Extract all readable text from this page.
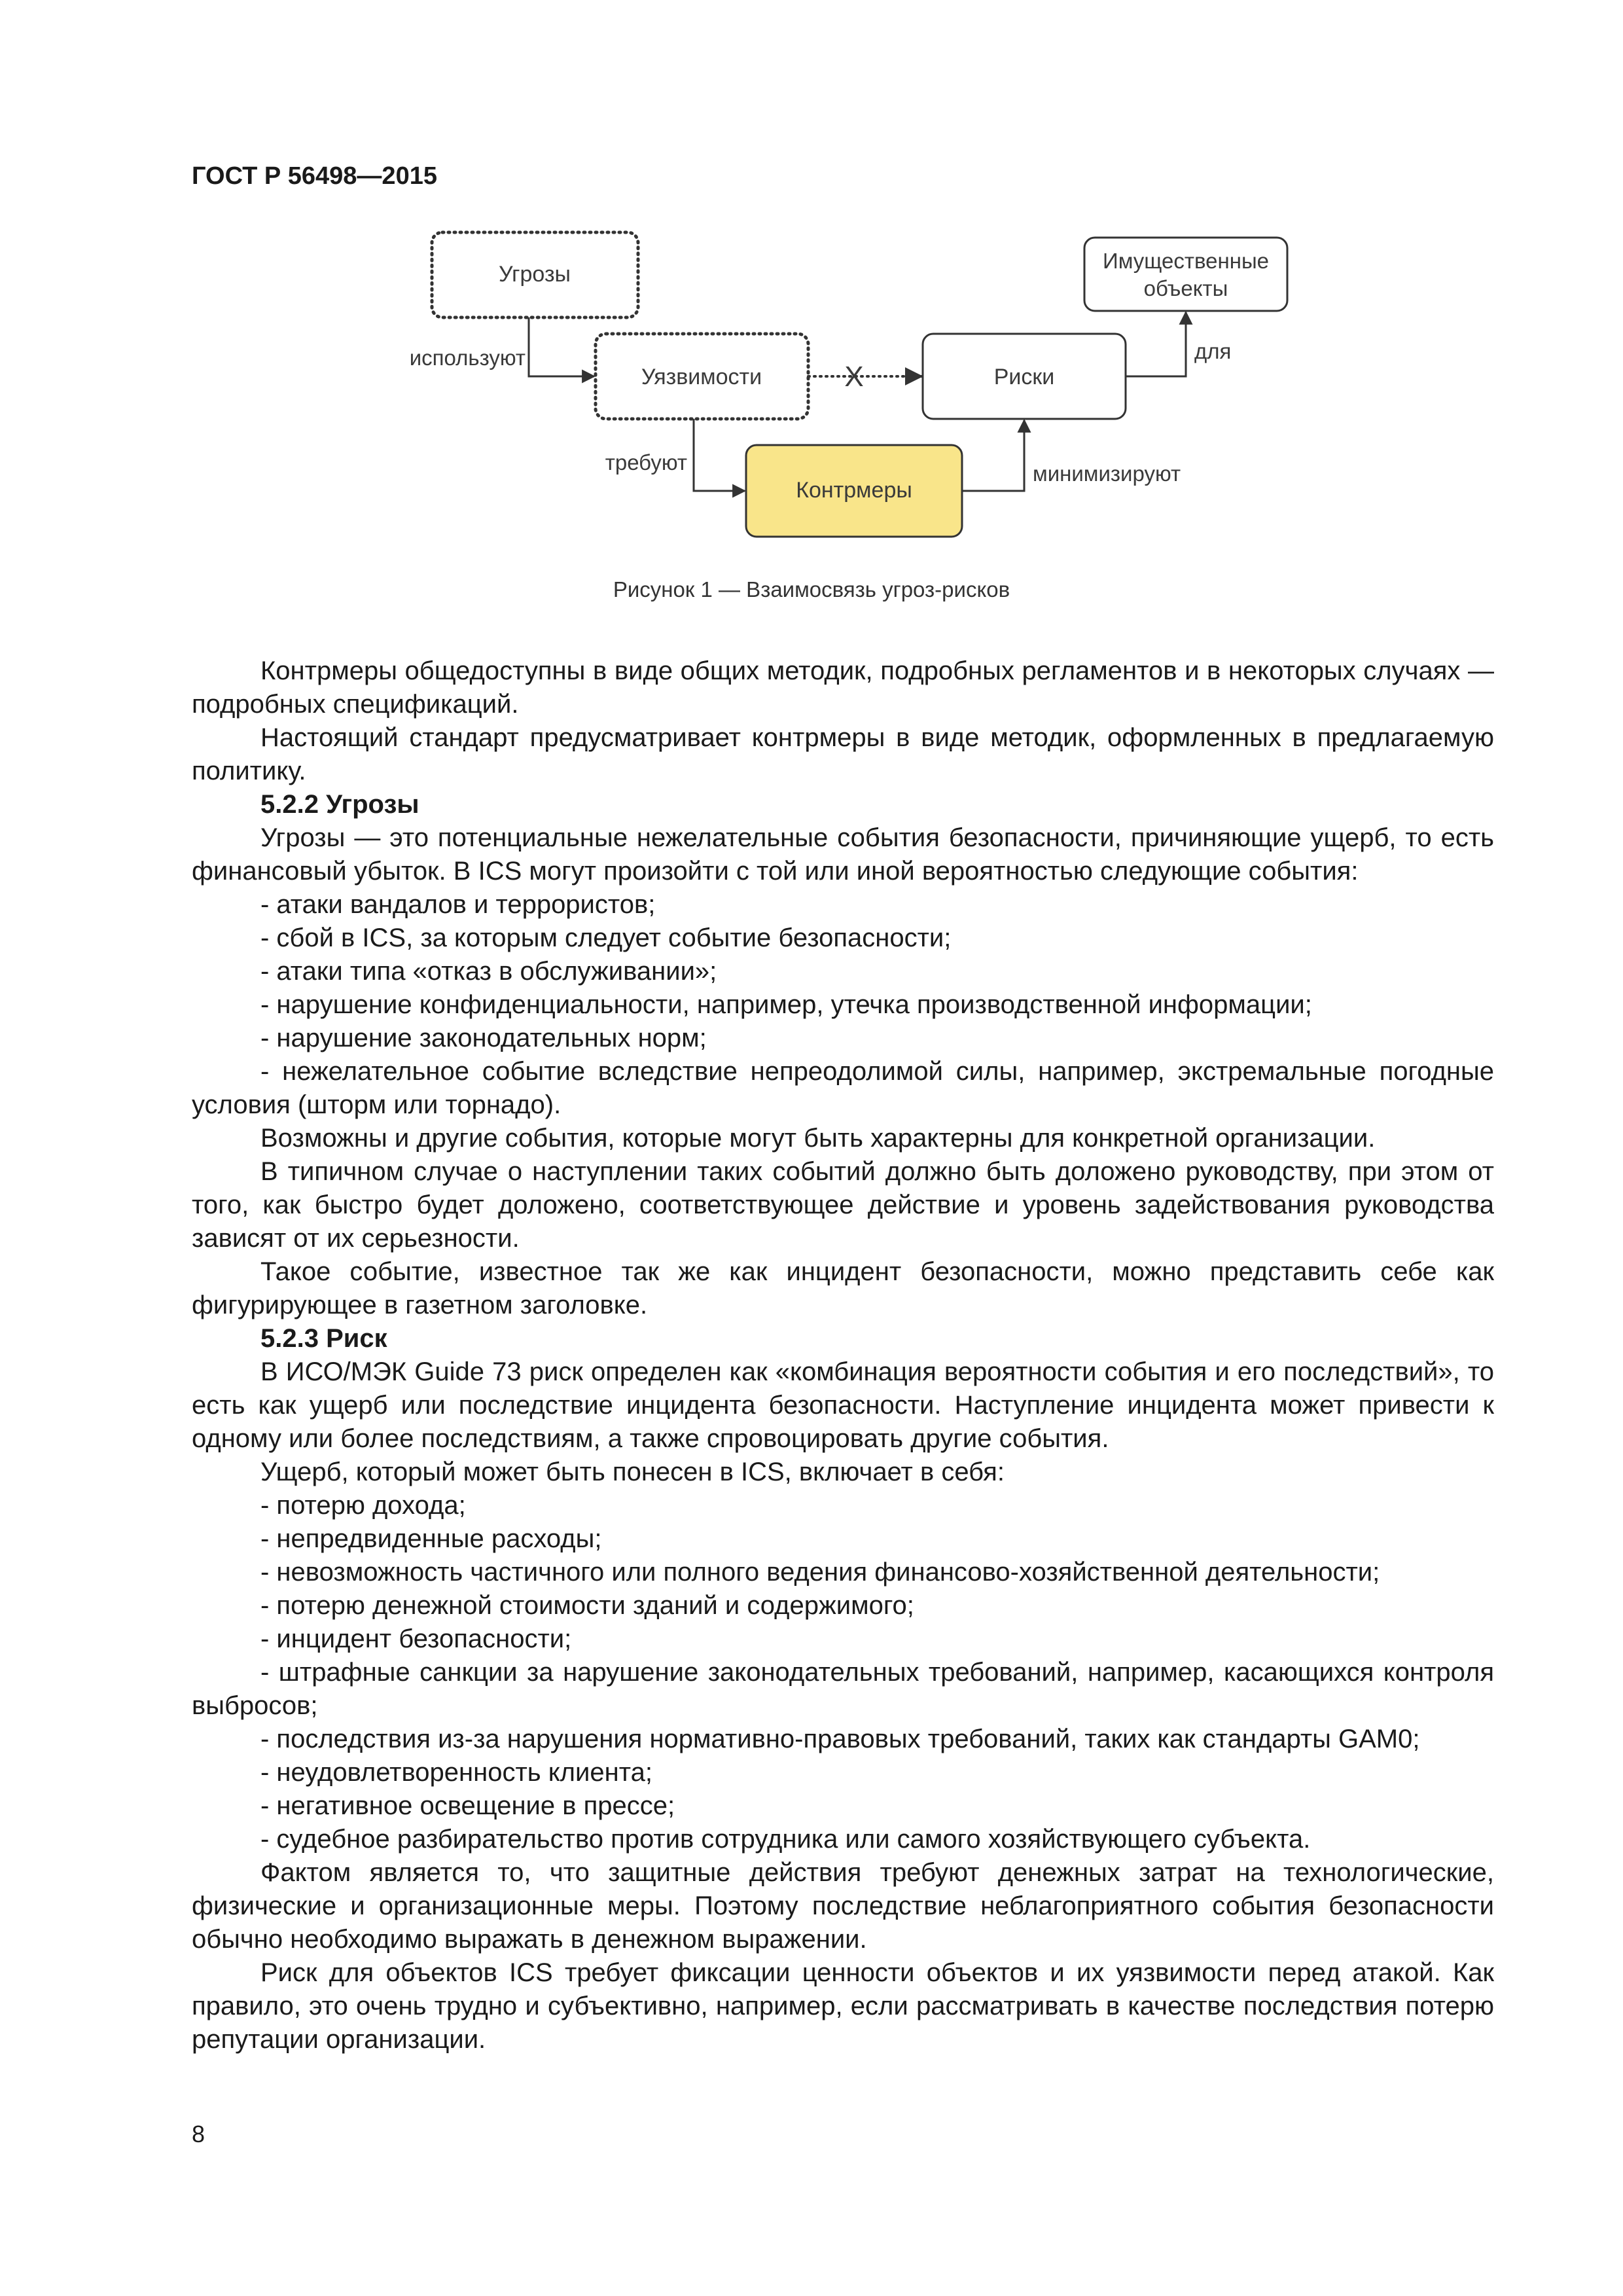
ГОСТ Р 56498—2015
Угрозы
Уязвимости	Риски
Имущественные
объекты
Контрмеры
используют
X
требуют	минимизируют
для
Рисунок 1 — Взаимосвязь угроз-рисков

Контрмеры общедоступны в виде общих методик, подробных регламентов и в некоторых случаях — подробных спецификаций.

Настоящий стандарт предусматривает контрмеры в виде методик, оформленных в предлагаемую политику.

5.2.2 Угрозы

Угрозы — это потенциальные нежелательные события безопасности, причиняющие ущерб, то есть финансовый убыток. В ICS могут произойти с той или иной вероятностью следующие события:

- атаки вандалов и террористов;

- сбой в ICS, за которым следует событие безопасности;

- атаки типа «отказ в обслуживании»;

- нарушение конфиденциальности, например, утечка производственной информации;

- нарушение законодательных норм;

- нежелательное событие вследствие непреодолимой силы, например, экстремальные погодные условия (шторм или торнадо).

Возможны и другие события, которые могут быть характерны для конкретной организации.

В типичном случае о наступлении таких событий должно быть доложено руководству, при этом от того, как быстро будет доложено, соответствующее действие и уровень задействования руководства зависят от их серьезности.

Такое событие, известное так же как инцидент безопасности, можно представить себе как фигурирующее в газетном заголовке.

5.2.3 Риск

В ИСО/МЭК Guide 73 риск определен как «комбинация вероятности события и его последствий», то есть как ущерб или последствие инцидента безопасности. Наступление инцидента может привести к одному или более последствиям, а также спровоцировать другие события.

Ущерб, который может быть понесен в ICS, включает в себя:

- потерю дохода;

- непредвиденные расходы;

- невозможность частичного или полного ведения финансово-хозяйственной деятельности;

- потерю денежной стоимости зданий и содержимого;

- инцидент безопасности;

- штрафные санкции за нарушение законодательных требований, например, касающихся контроля выбросов;

- последствия из-за нарушения нормативно-правовых требований, таких как стандарты GAM0;

- неудовлетворенность клиента;

- негативное освещение в прессе;

- судебное разбирательство против сотрудника или самого хозяйствующего субъекта.

Фактом является то, что защитные действия требуют денежных затрат на технологические, физические и организационные меры. Поэтому последствие неблагоприятного события безопасности обычно необходимо выражать в денежном выражении.

Риск для объектов ICS требует фиксации ценности объектов и их уязвимости перед атакой. Как правило, это очень трудно и субъективно, например, если рассматривать в качестве последствия потерю репутации организации.

8
